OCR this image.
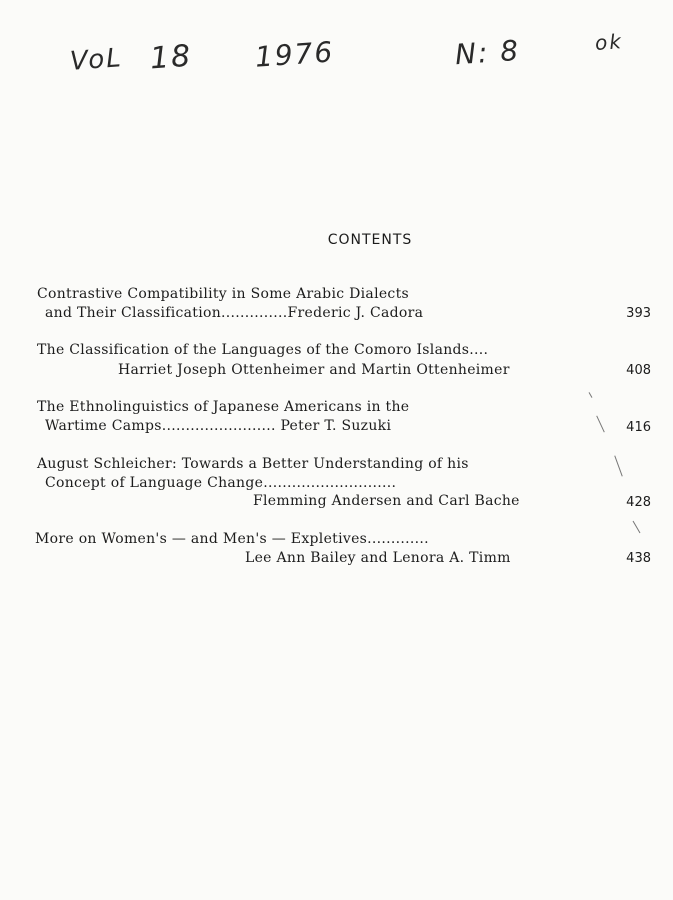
VoL 18 1976	N: 8	ok
CONTENTS
Contrastive Compatibility in Some Arabic Dialects
and Their Classification..............Frederic J. Cadora	393
The Classification of the Languages of the Comoro Islands....
Harriet Joseph Ottenheimer and Martin Ottenheimer	408
The Ethnolinguistics of Japanese Americans in the
Wartime Camps........................ Peter T. Suzuki	416
August Schleicher: Towards a Better Understanding of his
Concept of Language Change............................
Flemming Andersen and Carl Bache	428
More on Women's — and Men's — Expletives.............
Lee Ann Bailey and Lenora A. Timm	438
